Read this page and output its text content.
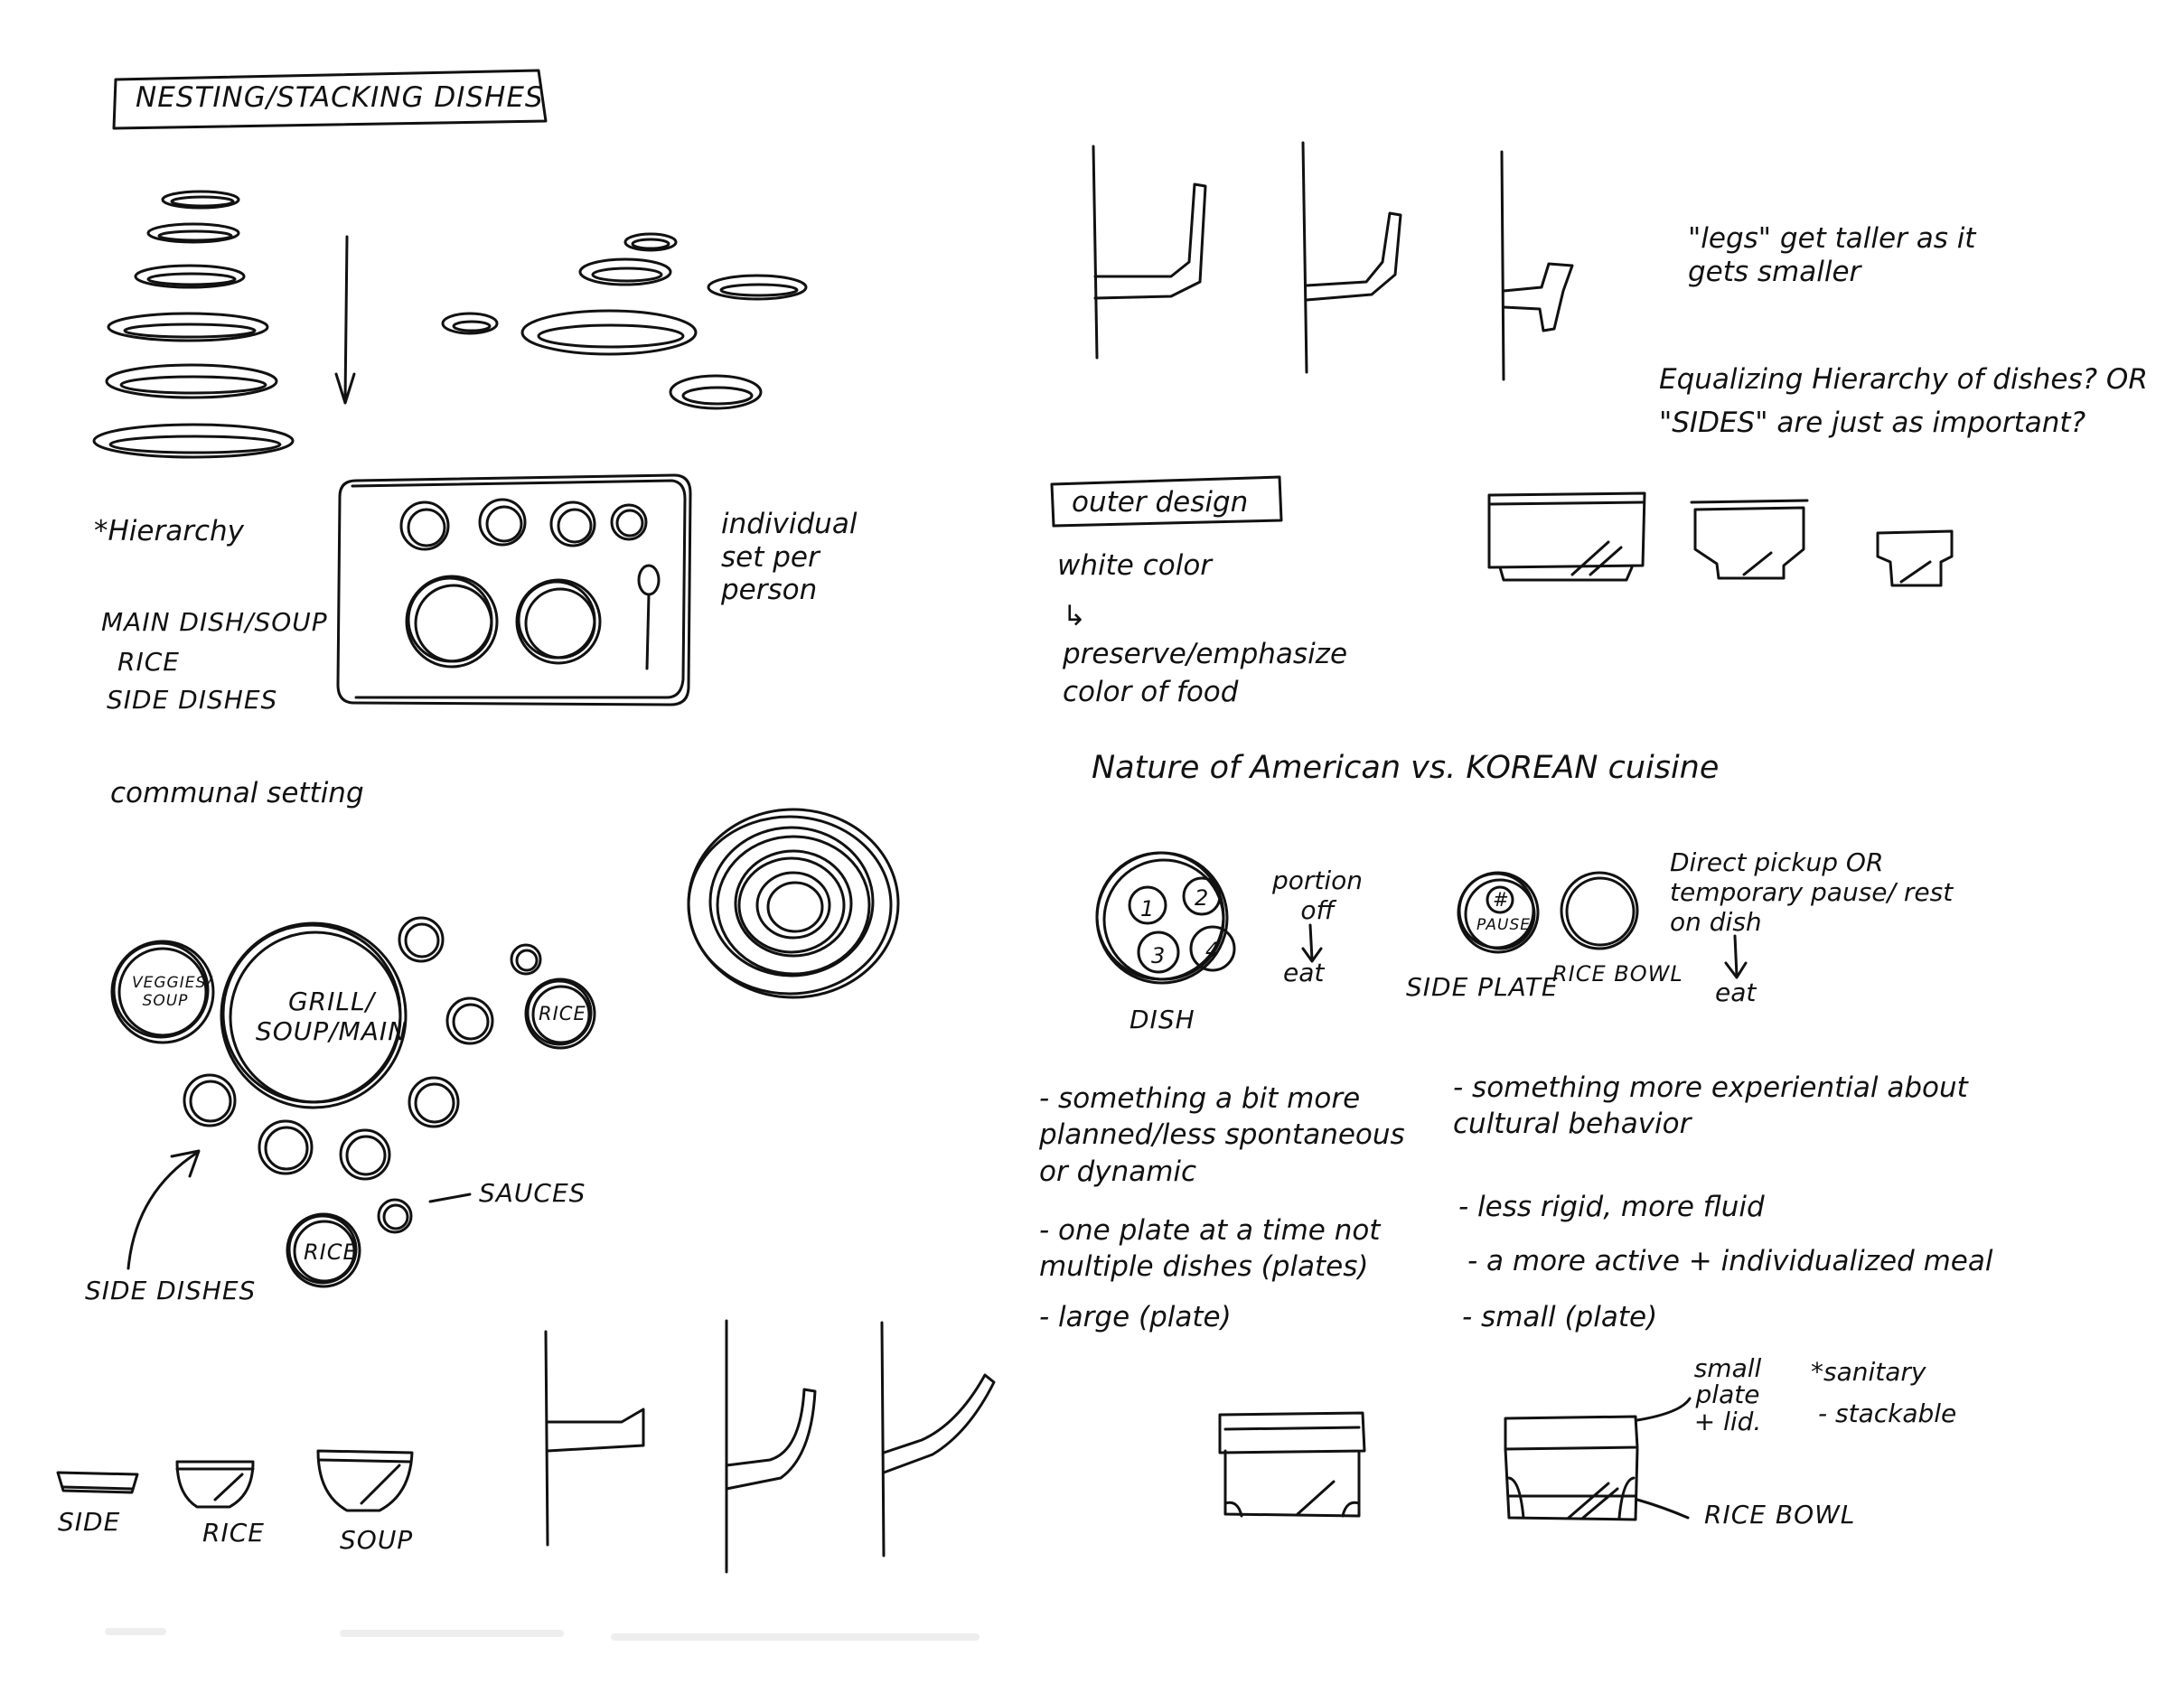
NESTING/STACKING DISHES
*Hierarchy
MAIN DISH/SOUP
RICE
SIDE DISHES
individual set per person
communal setting
GRILL/ SOUP/MAIN
VEGGIES/ SOUP
RICE
RICE
SAUCES
SIDE DISHES
SIDE	RICE	SOUP
"legs" get taller as it gets smaller
Equalizing Hierarchy of dishes? OR "SIDES" are just as important?
outer design
white color
↳ preserve/emphasize color of food
Nature of American vs. KOREAN cuisine
1 2
3 4
portion off
eat
DISH
#
PAUSE
SIDE PLATE
RICE BOWL
Direct pickup OR temporary pause/ rest on dish
eat
- something a bit more planned/less spontaneous or dynamic
- one plate at a time not multiple dishes (plates)
- large (plate)
- something more experiential about cultural behavior
- less rigid, more fluid
- a more active + individualized meal
- small (plate)
small plate + lid.
RICE BOWL
*sanitary
- stackable
